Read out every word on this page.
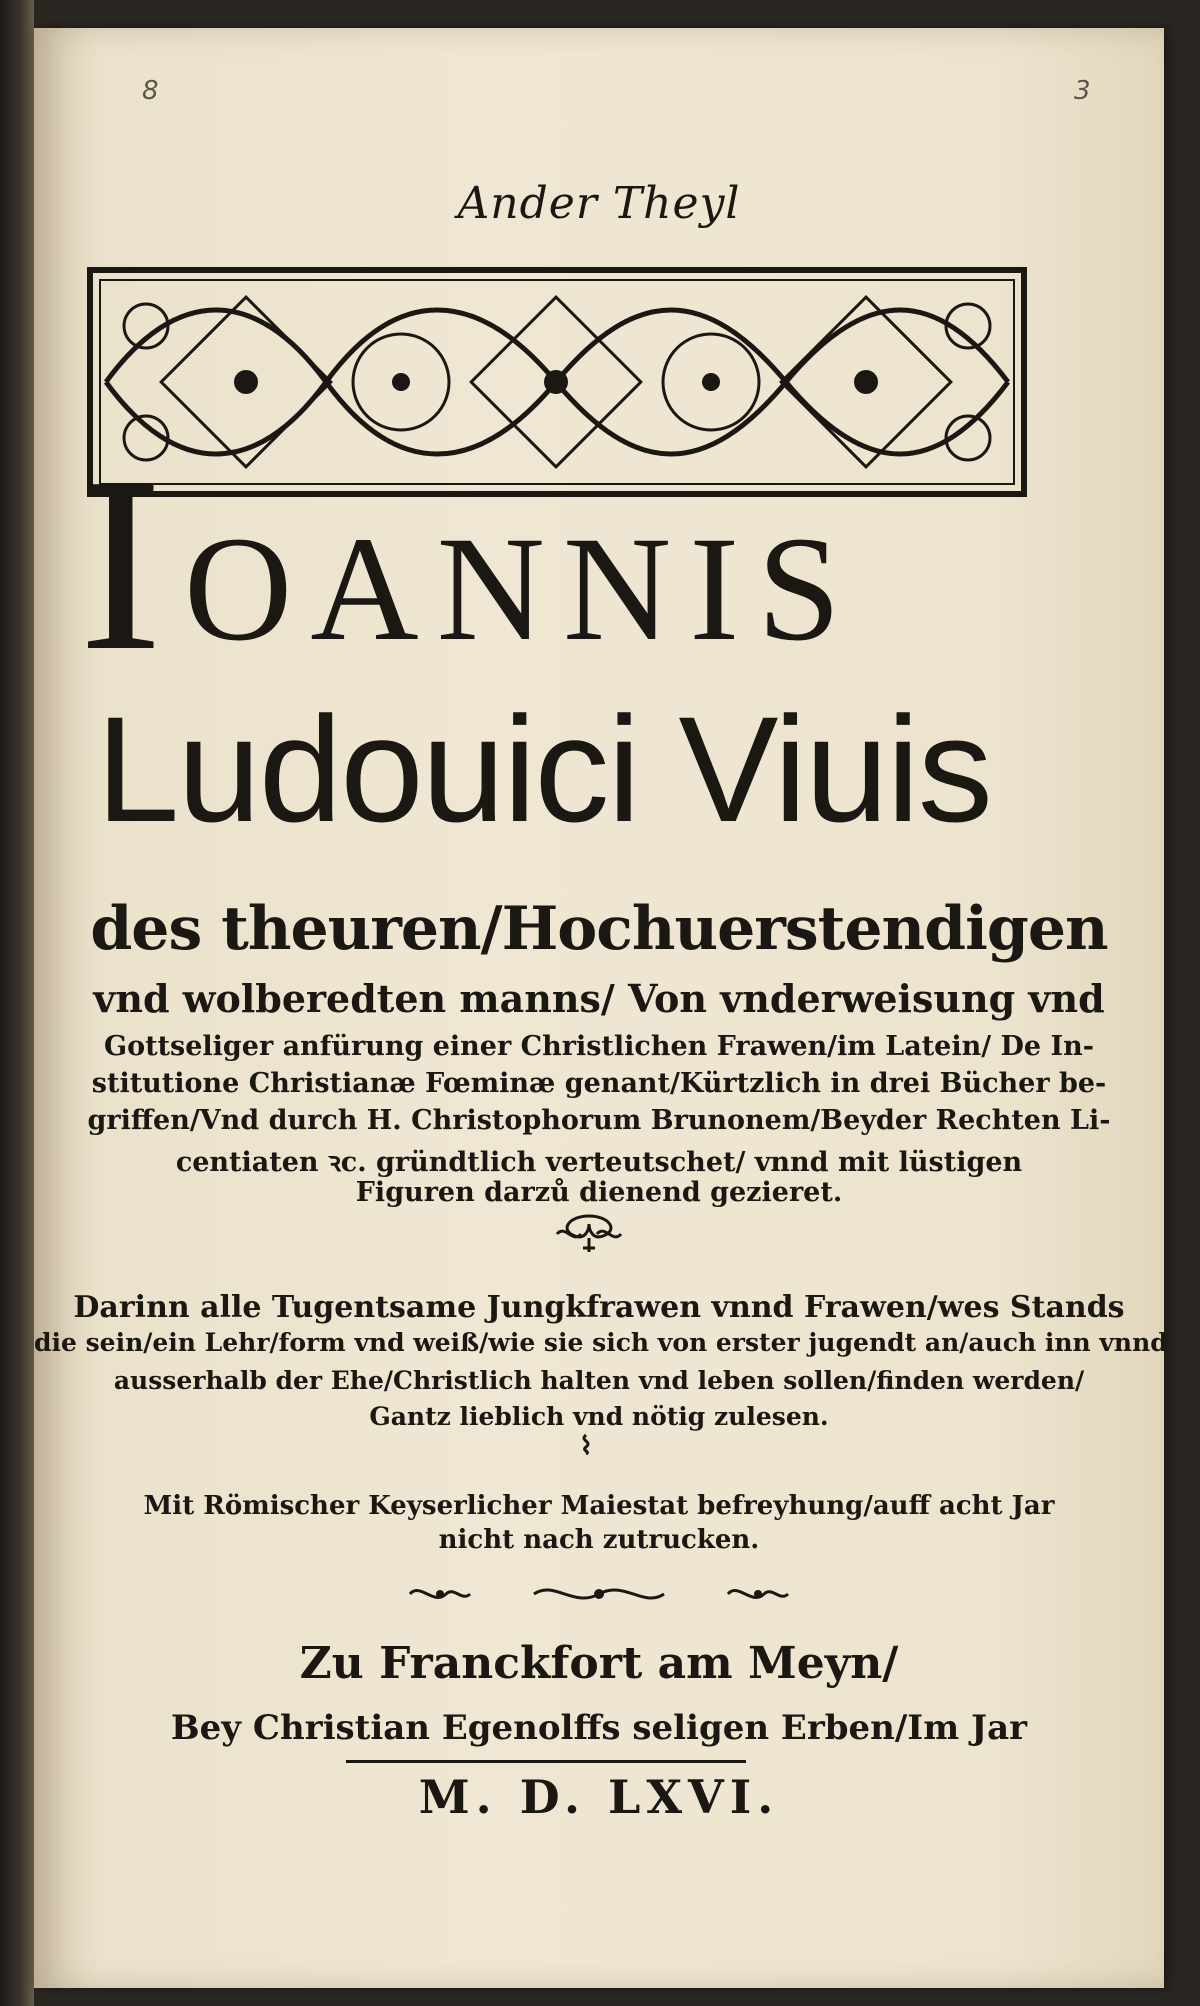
8	3
Ander Theyl
I OANNIS
Ludouici Viuis
des theuren/Hochuerstendigen
vnd wolberedten manns/ Von vnderweisung vnd
Gottseliger anfürung einer Christlichen Frawen/im Latein/ De In-
stitutione Christianæ Fœminæ genant/Kürtzlich in drei Bücher be-
griffen/Vnd durch H. Christophorum Brunonem/Beyder Rechten Li-
centiaten ꝛc. gründtlich verteutschet/ vnnd mit lüstigen
Figuren darzů dienend gezieret.
Darinn alle Tugentsame Jungkfrawen vnnd Frawen/wes Stands
die sein/ein Lehr/form vnd weiß/wie sie sich von erster jugendt an/auch inn vnnd
ausserhalb der Ehe/Christlich halten vnd leben sollen/finden werden/
Gantz lieblich vnd nötig zulesen.
Mit Römischer Keyserlicher Maiestat befreyhung/auff acht Jar
nicht nach zutrucken.
Zu Franckfort am Meyn/
Bey Christian Egenolffs seligen Erben/Im Jar
M. D. LXVI.
